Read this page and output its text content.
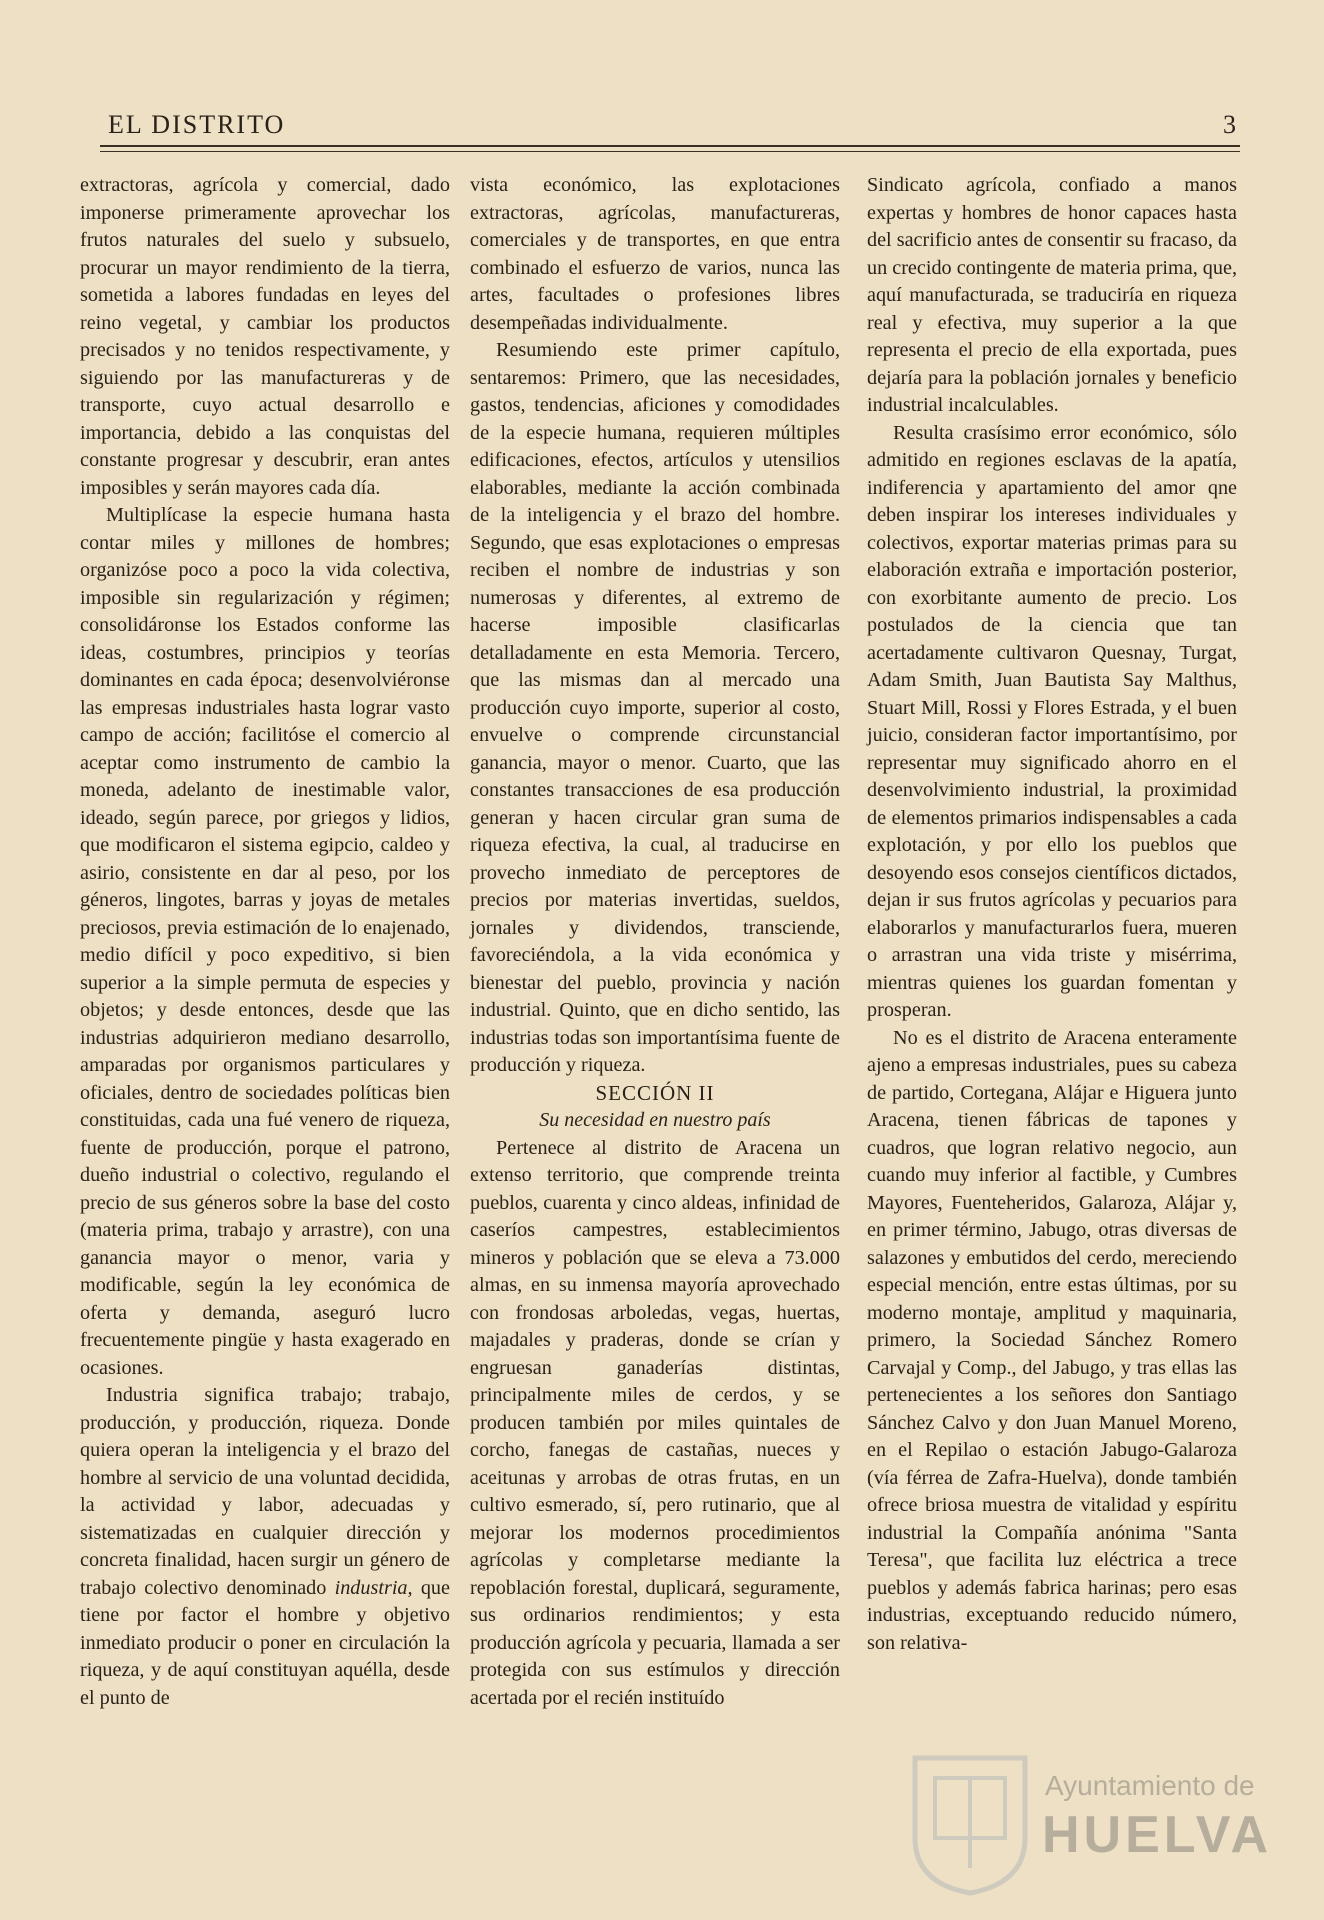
EL DISTRITO	3

extractoras, agrícola y comercial, dado imponerse primeramente aprovechar los frutos naturales del suelo y subsuelo, procurar un mayor rendimiento de la tierra, sometida a labores fundadas en leyes del reino vegetal, y cambiar los productos precisados y no tenidos respectivamente, y siguiendo por las manufactureras y de transporte, cuyo actual desarrollo e importancia, debido a las conquistas del constante progresar y descubrir, eran antes imposibles y serán mayores cada día.

Multiplícase la especie humana hasta contar miles y millones de hombres; organizóse poco a poco la vida colectiva, imposible sin regularización y régimen; consolidáronse los Estados conforme las ideas, costumbres, principios y teorías dominantes en cada época; desenvolviéronse las empresas industriales hasta lograr vasto campo de acción; facilitóse el comercio al aceptar como instrumento de cambio la moneda, adelanto de inestimable valor, ideado, según parece, por griegos y lidios, que modificaron el sistema egipcio, caldeo y asirio, consistente en dar al peso, por los géneros, lingotes, barras y joyas de metales preciosos, previa estimación de lo enajenado, medio difícil y poco expeditivo, si bien superior a la simple permuta de especies y objetos; y desde entonces, desde que las industrias adquirieron mediano desarrollo, amparadas por organismos particulares y oficiales, dentro de sociedades políticas bien constituidas, cada una fué venero de riqueza, fuente de producción, porque el patrono, dueño industrial o colectivo, regulando el precio de sus géneros sobre la base del costo (materia prima, trabajo y arrastre), con una ganancia mayor o menor, varia y modificable, según la ley económica de oferta y demanda, aseguró lucro frecuentemente pingüe y hasta exagerado en ocasiones.

Industria significa trabajo; trabajo, producción, y producción, riqueza. Donde quiera operan la inteligencia y el brazo del hombre al servicio de una voluntad decidida, la actividad y labor, adecuadas y sistematizadas en cualquier dirección y concreta finalidad, hacen surgir un género de trabajo colectivo denominado industria, que tiene por factor el hombre y objetivo inmediato producir o poner en circulación la riqueza, y de aquí constituyan aquélla, desde el punto de

vista económico, las explotaciones extractoras, agrícolas, manufactureras, comerciales y de transportes, en que entra combinado el esfuerzo de varios, nunca las artes, facultades o profesiones libres desempeñadas individualmente.

Resumiendo este primer capítulo, sentaremos: Primero, que las necesidades, gastos, tendencias, aficiones y comodidades de la especie humana, requieren múltiples edificaciones, efectos, artículos y utensilios elaborables, mediante la acción combinada de la inteligencia y el brazo del hombre. Segundo, que esas explotaciones o empresas reciben el nombre de industrias y son numerosas y diferentes, al extremo de hacerse imposible clasificarlas detalladamente en esta Memoria. Tercero, que las mismas dan al mercado una producción cuyo importe, superior al costo, envuelve o comprende circunstancial ganancia, mayor o menor. Cuarto, que las constantes transacciones de esa producción generan y hacen circular gran suma de riqueza efectiva, la cual, al traducirse en provecho inmediato de perceptores de precios por materias invertidas, sueldos, jornales y dividendos, transciende, favoreciéndola, a la vida económica y bienestar del pueblo, provincia y nación industrial. Quinto, que en dicho sentido, las industrias todas son importantísima fuente de producción y riqueza.

SECCIÓN II

Su necesidad en nuestro país

Pertenece al distrito de Aracena un extenso territorio, que comprende treinta pueblos, cuarenta y cinco aldeas, infinidad de caseríos campestres, establecimientos mineros y población que se eleva a 73.000 almas, en su inmensa mayoría aprovechado con frondosas arboledas, vegas, huertas, majadales y praderas, donde se crían y engruesan ganaderías distintas, principalmente miles de cerdos, y se producen también por miles quintales de corcho, fanegas de castañas, nueces y aceitunas y arrobas de otras frutas, en un cultivo esmerado, sí, pero rutinario, que al mejorar los modernos procedimientos agrícolas y completarse mediante la repoblación forestal, duplicará, seguramente, sus ordinarios rendimientos; y esta producción agrícola y pecuaria, llamada a ser protegida con sus estímulos y dirección acertada por el recién instituído

Sindicato agrícola, confiado a manos expertas y hombres de honor capaces hasta del sacrificio antes de consentir su fracaso, da un crecido contingente de materia prima, que, aquí manufacturada, se traduciría en riqueza real y efectiva, muy superior a la que representa el precio de ella exportada, pues dejaría para la población jornales y beneficio industrial incalculables.

Resulta crasísimo error económico, sólo admitido en regiones esclavas de la apatía, indiferencia y apartamiento del amor qne deben inspirar los intereses individuales y colectivos, exportar materias primas para su elaboración extraña e importación posterior, con exorbitante aumento de precio. Los postulados de la ciencia que tan acertadamente cultivaron Quesnay, Turgat, Adam Smith, Juan Bautista Say Malthus, Stuart Mill, Rossi y Flores Estrada, y el buen juicio, consideran factor importantísimo, por representar muy significado ahorro en el desenvolvimiento industrial, la proximidad de elementos primarios indispensables a cada explotación, y por ello los pueblos que desoyendo esos consejos científicos dictados, dejan ir sus frutos agrícolas y pecuarios para elaborarlos y manufacturarlos fuera, mueren o arrastran una vida triste y misérrima, mientras quienes los guardan fomentan y prosperan.

No es el distrito de Aracena enteramente ajeno a empresas industriales, pues su cabeza de partido, Cortegana, Alájar e Higuera junto Aracena, tienen fábricas de tapones y cuadros, que logran relativo negocio, aun cuando muy inferior al factible, y Cumbres Mayores, Fuenteheridos, Galaroza, Alájar y, en primer término, Jabugo, otras diversas de salazones y embutidos del cerdo, mereciendo especial mención, entre estas últimas, por su moderno montaje, amplitud y maquinaria, primero, la Sociedad Sánchez Romero Carvajal y Comp., del Jabugo, y tras ellas las pertenecientes a los señores don Santiago Sánchez Calvo y don Juan Manuel Moreno, en el Repilao o estación Jabugo-Galaroza (vía férrea de Zafra-Huelva), donde también ofrece briosa muestra de vitalidad y espíritu industrial la Compañía anónima "Santa Teresa", que facilita luz eléctrica a trece pueblos y además fabrica harinas; pero esas industrias, exceptuando reducido número, son relativa-

Ayuntamiento de
HUELVA
